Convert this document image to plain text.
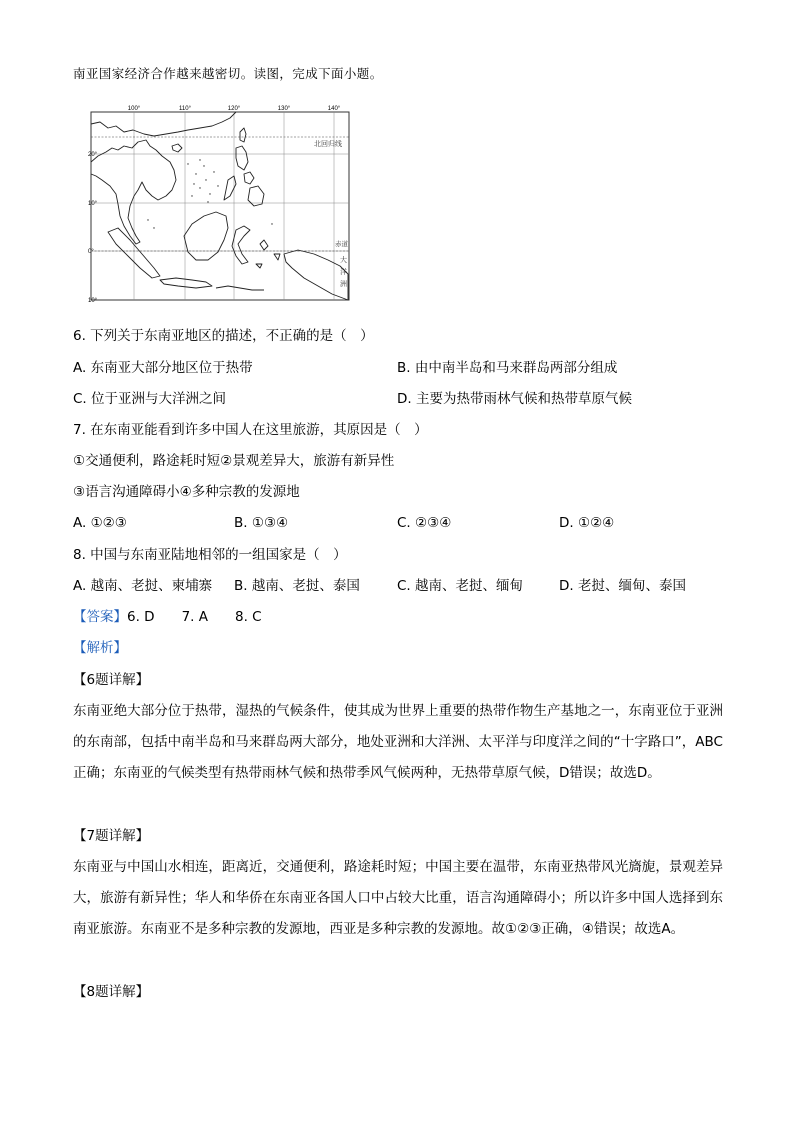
南亚国家经济合作越来越密切。读图，完成下面小题。
100°	110°	120°	130°	140°
20°
10°
0°
10°
北回归线
赤道
大
洋
洲
6. 下列关于东南亚地区的描述，不正确的是（　）
A. 东南亚大部分地区位于热带	B. 由中南半岛和马来群岛两部分组成
C. 位于亚洲与大洋洲之间	D. 主要为热带雨林气候和热带草原气候
7. 在东南亚能看到许多中国人在这里旅游，其原因是（　）
①交通便利，路途耗时短②景观差异大，旅游有新异性
③语言沟通障碍小④多种宗教的发源地
A. ①②③	B. ①③④	C. ②③④	D. ①②④
8. 中国与东南亚陆地相邻的一组国家是（　）
A. 越南、老挝、柬埔寨 B. 越南、老挝、泰国	C. 越南、老挝、缅甸	D. 老挝、缅甸、泰国
【答案】6. D　　7. A　　8. C
【解析】
【6题详解】
东南亚绝大部分位于热带，湿热的气候条件，使其成为世界上重要的热带作物生产基地之一，东南亚位于亚洲的东南部，包括中南半岛和马来群岛两大部分，地处亚洲和大洋洲、太平洋与印度洋之间的“十字路口”，ABC 正确；东南亚的气候类型有热带雨林气候和热带季风气候两种，无热带草原气候，D错误；故选D。
【7题详解】
东南亚与中国山水相连，距离近，交通便利，路途耗时短；中国主要在温带，东南亚热带风光旖旎，景观差异大，旅游有新异性；华人和华侨在东南亚各国人口中占较大比重，语言沟通障碍小；所以许多中国人选择到东南亚旅游。东南亚不是多种宗教的发源地，西亚是多种宗教的发源地。故①②③正确，④错误；故选A。
【8题详解】
